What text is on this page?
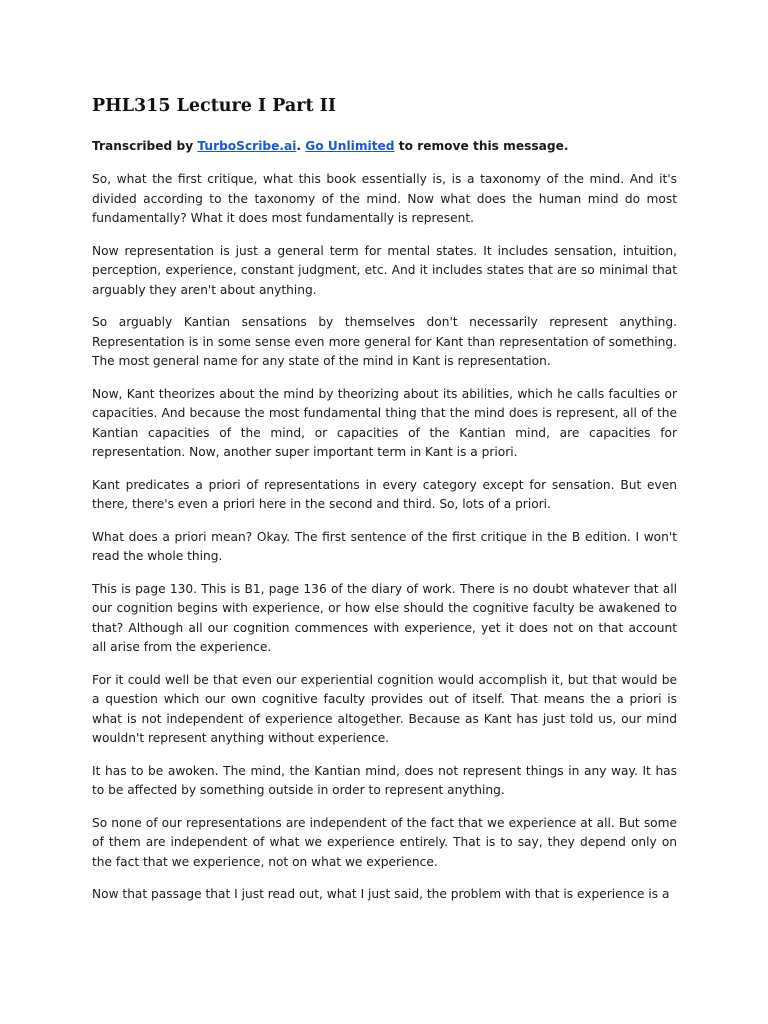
PHL315 Lecture I Part II
Transcribed by TurboScribe.ai. Go Unlimited to remove this message.

So, what the first critique, what this book essentially is, is a taxonomy of the mind. And it's divided according to the taxonomy of the mind. Now what does the human mind do most fundamentally? What it does most fundamentally is represent.

Now representation is just a general term for mental states. It includes sensation, intuition, perception, experience, constant judgment, etc. And it includes states that are so minimal that arguably they aren't about anything.

So arguably Kantian sensations by themselves don't necessarily represent anything. Representation is in some sense even more general for Kant than representation of something. The most general name for any state of the mind in Kant is representation.

Now, Kant theorizes about the mind by theorizing about its abilities, which he calls faculties or capacities. And because the most fundamental thing that the mind does is represent, all of the Kantian capacities of the mind, or capacities of the Kantian mind, are capacities for representation. Now, another super important term in Kant is a priori.

Kant predicates a priori of representations in every category except for sensation. But even there, there's even a priori here in the second and third. So, lots of a priori.

What does a priori mean? Okay. The first sentence of the first critique in the B edition. I won't read the whole thing.

This is page 130. This is B1, page 136 of the diary of work. There is no doubt whatever that all our cognition begins with experience, or how else should the cognitive faculty be awakened to that? Although all our cognition commences with experience, yet it does not on that account all arise from the experience.

For it could well be that even our experiential cognition would accomplish it, but that would be a question which our own cognitive faculty provides out of itself. That means the a priori is what is not independent of experience altogether. Because as Kant has just told us, our mind wouldn't represent anything without experience.

It has to be awoken. The mind, the Kantian mind, does not represent things in any way. It has to be affected by something outside in order to represent anything.

So none of our representations are independent of the fact that we experience at all. But some of them are independent of what we experience entirely. That is to say, they depend only on the fact that we experience, not on what we experience.

Now that passage that I just read out, what I just said, the problem with that is experience is a
